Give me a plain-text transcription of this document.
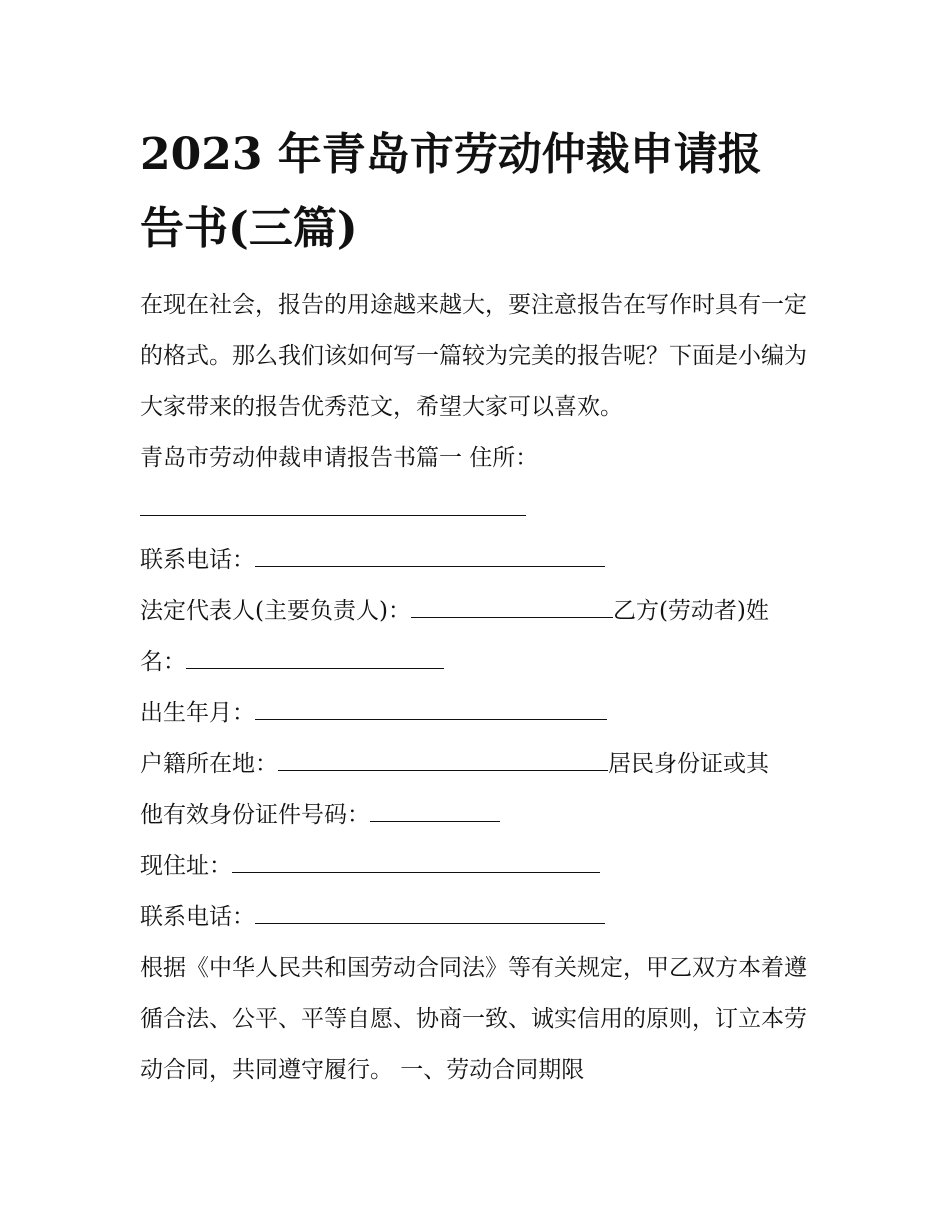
2023 年青岛市劳动仲裁申请报
告书(三篇)

在现在社会，报告的用途越来越大，要注意报告在写作时具有一定的格式。那么我们该如何写一篇较为完美的报告呢？下面是小编为大家带来的报告优秀范文，希望大家可以喜欢。

青岛市劳动仲裁申请报告书篇一 住所：

联系电话：

法定代表人(主要负责人)：	乙方(劳动者)姓

名：

出生年月：

户籍所在地：	居民身份证或其

他有效身份证件号码：

现住址：

联系电话：

根据《中华人民共和国劳动合同法》等有关规定，甲乙双方本着遵循合法、公平、平等自愿、协商一致、诚实信用的原则，订立本劳动合同，共同遵守履行。 一、劳动合同期限
